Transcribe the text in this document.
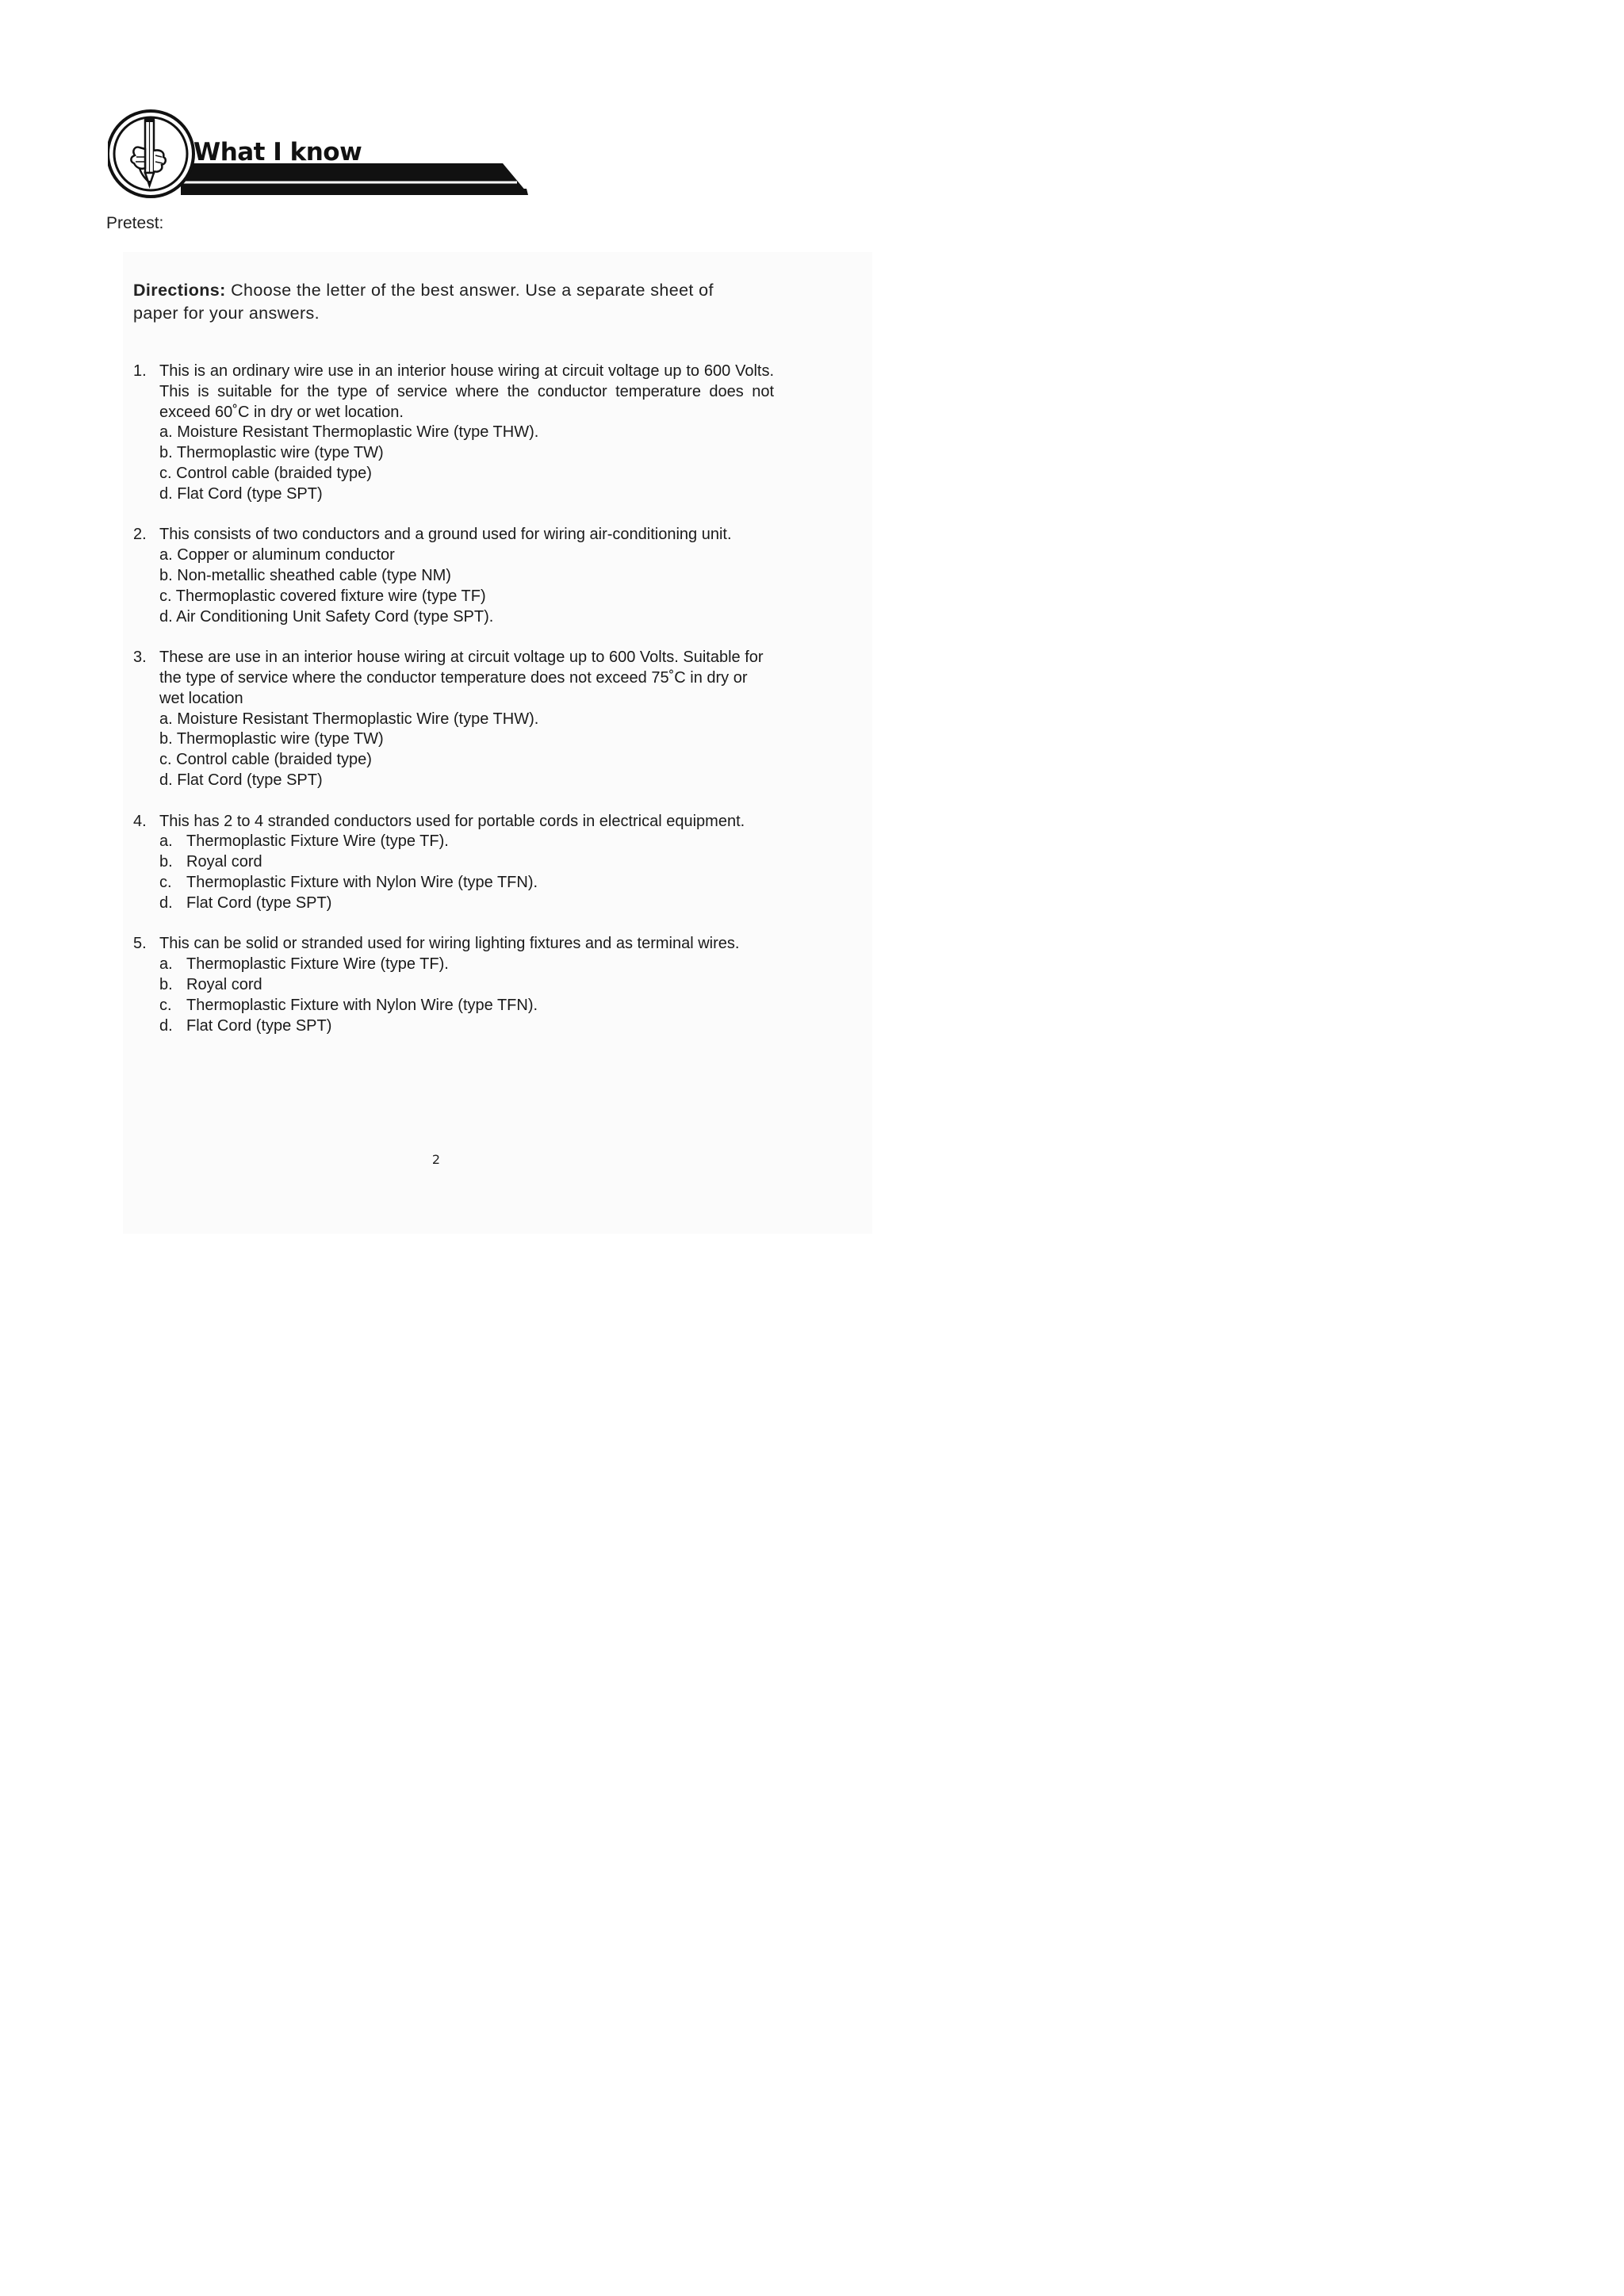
What I know
Pretest:
Directions: Choose the letter of the best answer. Use a separate sheet of paper for your answers.
1. This is an ordinary wire use in an interior house wiring at circuit voltage up to 600 Volts. This is suitable for the type of service where the conductor temperature does not exceed 60˚C in dry or wet location.
a. Moisture Resistant Thermoplastic Wire (type THW).
b. Thermoplastic wire (type TW)
c. Control cable (braided type)
d. Flat Cord (type SPT)
2. This consists of two conductors and a ground used for wiring air-conditioning unit.
a. Copper or aluminum conductor
b. Non-metallic sheathed cable (type NM)
c. Thermoplastic covered fixture wire (type TF)
d. Air Conditioning Unit Safety Cord (type SPT).
3. These are use in an interior house wiring at circuit voltage up to 600 Volts. Suitable for the type of service where the conductor temperature does not exceed 75˚C in dry or wet location
a. Moisture Resistant Thermoplastic Wire (type THW).
b. Thermoplastic wire (type TW)
c. Control cable (braided type)
d. Flat Cord (type SPT)
4. This has 2 to 4 stranded conductors used for portable cords in electrical equipment.
a. Thermoplastic Fixture Wire (type TF).
b. Royal cord
c. Thermoplastic Fixture with Nylon Wire (type TFN).
d. Flat Cord (type SPT)
5. This can be solid or stranded used for wiring lighting fixtures and as terminal wires.
a. Thermoplastic Fixture Wire (type TF).
b. Royal cord
c. Thermoplastic Fixture with Nylon Wire (type TFN).
d. Flat Cord (type SPT)
2
